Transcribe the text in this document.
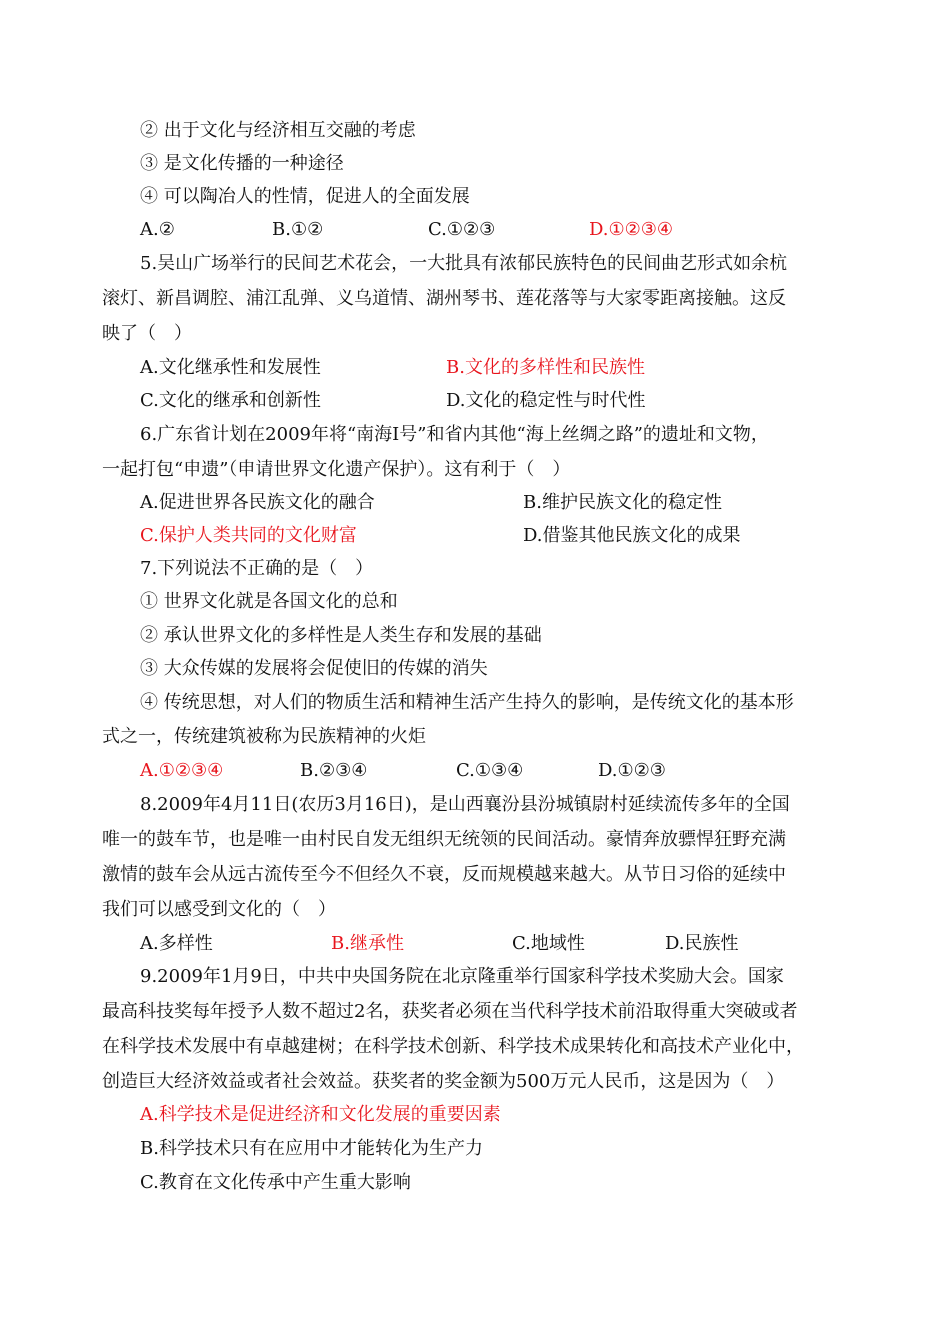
② 出于文化与经济相互交融的考虑
③ 是文化传播的一种途径
④ 可以陶冶人的性情，促进人的全面发展
A.②	B.①②	C.①②③	D.①②③④
5.吴山广场举行的民间艺术花会，一大批具有浓郁民族特色的民间曲艺形式如余杭
滚灯、新昌调腔、浦江乱弹、义乌道情、湖州琴书、莲花落等与大家零距离接触。这反
映了（　）
A.文化继承性和发展性	B.文化的多样性和民族性
C.文化的继承和创新性	D.文化的稳定性与时代性
6.广东省计划在2009年将“南海Ⅰ号”和省内其他“海上丝绸之路”的遗址和文物，
一起打包“申遗”（申请世界文化遗产保护）。这有利于（　）
A.促进世界各民族文化的融合	B.维护民族文化的稳定性
C.保护人类共同的文化财富	D.借鉴其他民族文化的成果
7.下列说法不正确的是（　）
① 世界文化就是各国文化的总和
② 承认世界文化的多样性是人类生存和发展的基础
③ 大众传媒的发展将会促使旧的传媒的消失
④ 传统思想，对人们的物质生活和精神生活产生持久的影响，是传统文化的基本形
式之一，传统建筑被称为民族精神的火炬
A.①②③④	B.②③④	C.①③④	D.①②③
8.2009年4月11日(农历3月16日)，是山西襄汾县汾城镇尉村延续流传多年的全国
唯一的鼓车节，也是唯一由村民自发无组织无统领的民间活动。豪情奔放骠悍狂野充满
激情的鼓车会从远古流传至今不但经久不衰，反而规模越来越大。从节日习俗的延续中
我们可以感受到文化的（　）
A.多样性	B.继承性	C.地域性	D.民族性
9.2009年1月9日，中共中央国务院在北京隆重举行国家科学技术奖励大会。国家
最高科技奖每年授予人数不超过2名，获奖者必须在当代科学技术前沿取得重大突破或者
在科学技术发展中有卓越建树；在科学技术创新、科学技术成果转化和高技术产业化中，
创造巨大经济效益或者社会效益。获奖者的奖金额为500万元人民币，这是因为（　）
A.科学技术是促进经济和文化发展的重要因素
B.科学技术只有在应用中才能转化为生产力
C.教育在文化传承中产生重大影响
